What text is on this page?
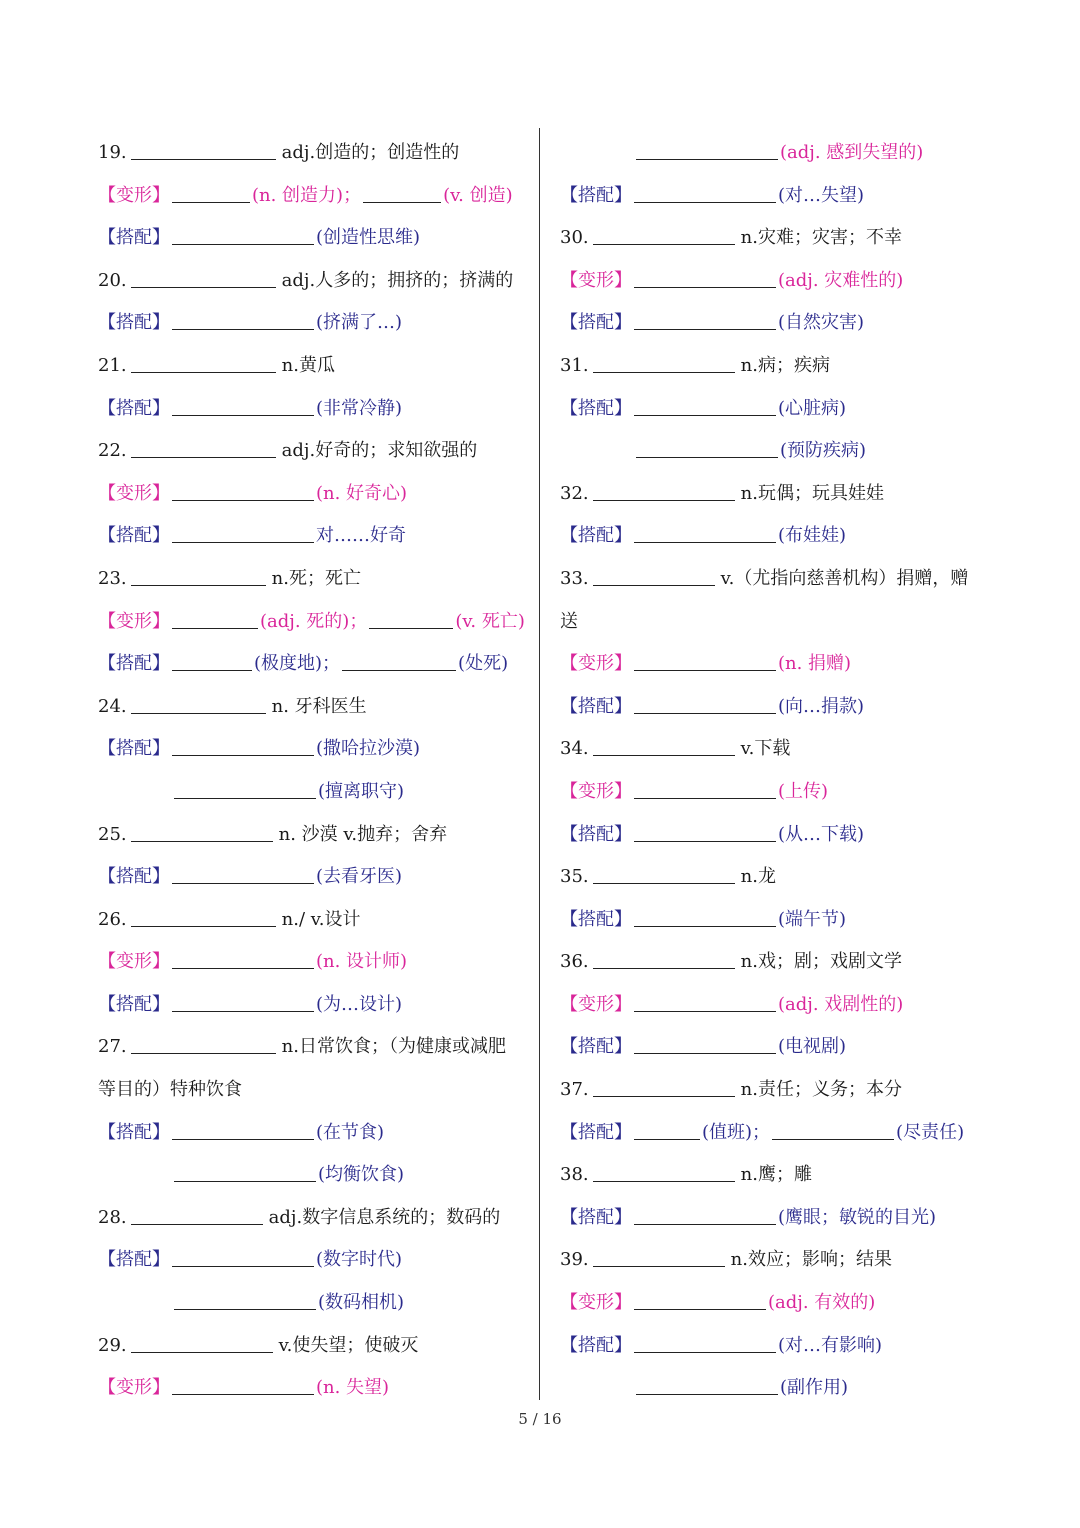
19.	adj.创造的；创造性的
【变形】	(n. 创造力)；	(v. 创造)
【搭配】	(创造性思维)
20.	adj.人多的；拥挤的；挤满的
【搭配】	(挤满了…)
21.	n.黄瓜
【搭配】	(非常冷静)
22.	adj.好奇的；求知欲强的
【变形】	(n. 好奇心)
【搭配】	对……好奇
23.	n.死；死亡
【变形】	(adj. 死的)；	(v. 死亡)
【搭配】	(极度地)；	(处死)
24.	n. 牙科医生
【搭配】	(撒哈拉沙漠)
(擅离职守)
25.	n. 沙漠 v.抛弃；舍弃
【搭配】	(去看牙医)
26.	n./ v.设计
【变形】	(n. 设计师)
【搭配】	(为…设计)
27.	n.日常饮食；（为健康或减肥
等目的）特种饮食
【搭配】	(在节食)
(均衡饮食)
28.	adj.数字信息系统的；数码的
【搭配】	(数字时代)
(数码相机)
29.	v.使失望；使破灭
【变形】	(n. 失望)
(adj. 感到失望的)
【搭配】	(对…失望)
30.	n.灾难；灾害；不幸
【变形】	(adj. 灾难性的)
【搭配】	(自然灾害)
31.	n.病；疾病
【搭配】	(心脏病)
(预防疾病)
32.	n.玩偶；玩具娃娃
【搭配】	(布娃娃)
33.	v.（尤指向慈善机构）捐赠，赠
送
【变形】	(n. 捐赠)
【搭配】	(向…捐款)
34.	v.下载
【变形】	(上传)
【搭配】	(从…下载)
35.	n.龙
【搭配】	(端午节)
36.	n.戏；剧；戏剧文学
【变形】	(adj. 戏剧性的)
【搭配】	(电视剧)
37.	n.责任；义务；本分
【搭配】	(值班)；	(尽责任)
38.	n.鹰；雕
【搭配】	(鹰眼；敏锐的目光)
39.	n.效应；影响；结果
【变形】	(adj. 有效的)
【搭配】	(对…有影响)
(副作用)
5 / 16
